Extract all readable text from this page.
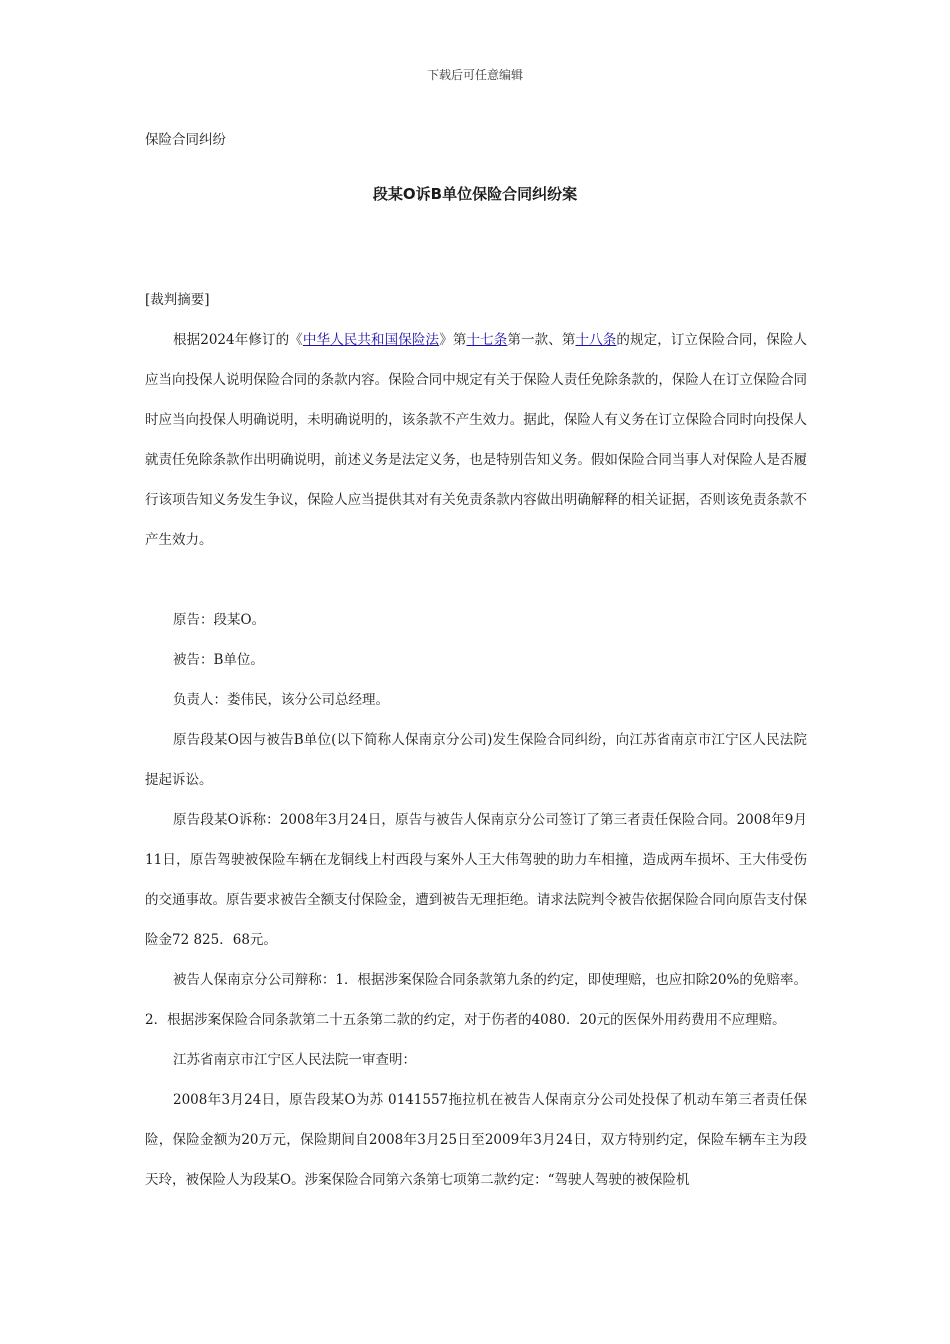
下载后可任意编辑
保险合同纠纷
段某O诉B单位保险合同纠纷案

[裁判摘要]

根据2024年修订的《中华人民共和国保险法》第十七条第一款、第十八条的规定，订立保险合同，保险人应当向投保人说明保险合同的条款内容。保险合同中规定有关于保险人责任免除条款的，保险人在订立保险合同时应当向投保人明确说明，未明确说明的，该条款不产生效力。据此，保险人有义务在订立保险合同时向投保人就责任免除条款作出明确说明，前述义务是法定义务，也是特别告知义务。假如保险合同当事人对保险人是否履行该项告知义务发生争议，保险人应当提供其对有关免责条款内容做出明确解释的相关证据，否则该免责条款不产生效力。

原告：段某O。

被告：B单位。

负责人：娄伟民，该分公司总经理。

原告段某O因与被告B单位(以下简称人保南京分公司)发生保险合同纠纷，向江苏省南京市江宁区人民法院提起诉讼。

原告段某O诉称：2008年3月24日，原告与被告人保南京分公司签订了第三者责任保险合同。2008年9月11日，原告驾驶被保险车辆在龙铜线上村西段与案外人王大伟驾驶的助力车相撞，造成两车损坏、王大伟受伤的交通事故。原告要求被告全额支付保险金，遭到被告无理拒绝。请求法院判令被告依据保险合同向原告支付保险金72 825．68元。

被告人保南京分公司辩称：1．根据涉案保险合同条款第九条的约定，即使理赔，也应扣除20%的免赔率。2．根据涉案保险合同条款第二十五条第二款的约定，对于伤者的4080．20元的医保外用药费用不应理赔。

江苏省南京市江宁区人民法院一审查明：

2008年3月24日，原告段某O为苏 0141557拖拉机在被告人保南京分公司处投保了机动车第三者责任保险，保险金额为20万元，保险期间自2008年3月25日至2009年3月24日，双方特别约定，保险车辆车主为段天玲，被保险人为段某O。涉案保险合同第六条第七项第二款约定：“驾驶人驾驶的被保险机
